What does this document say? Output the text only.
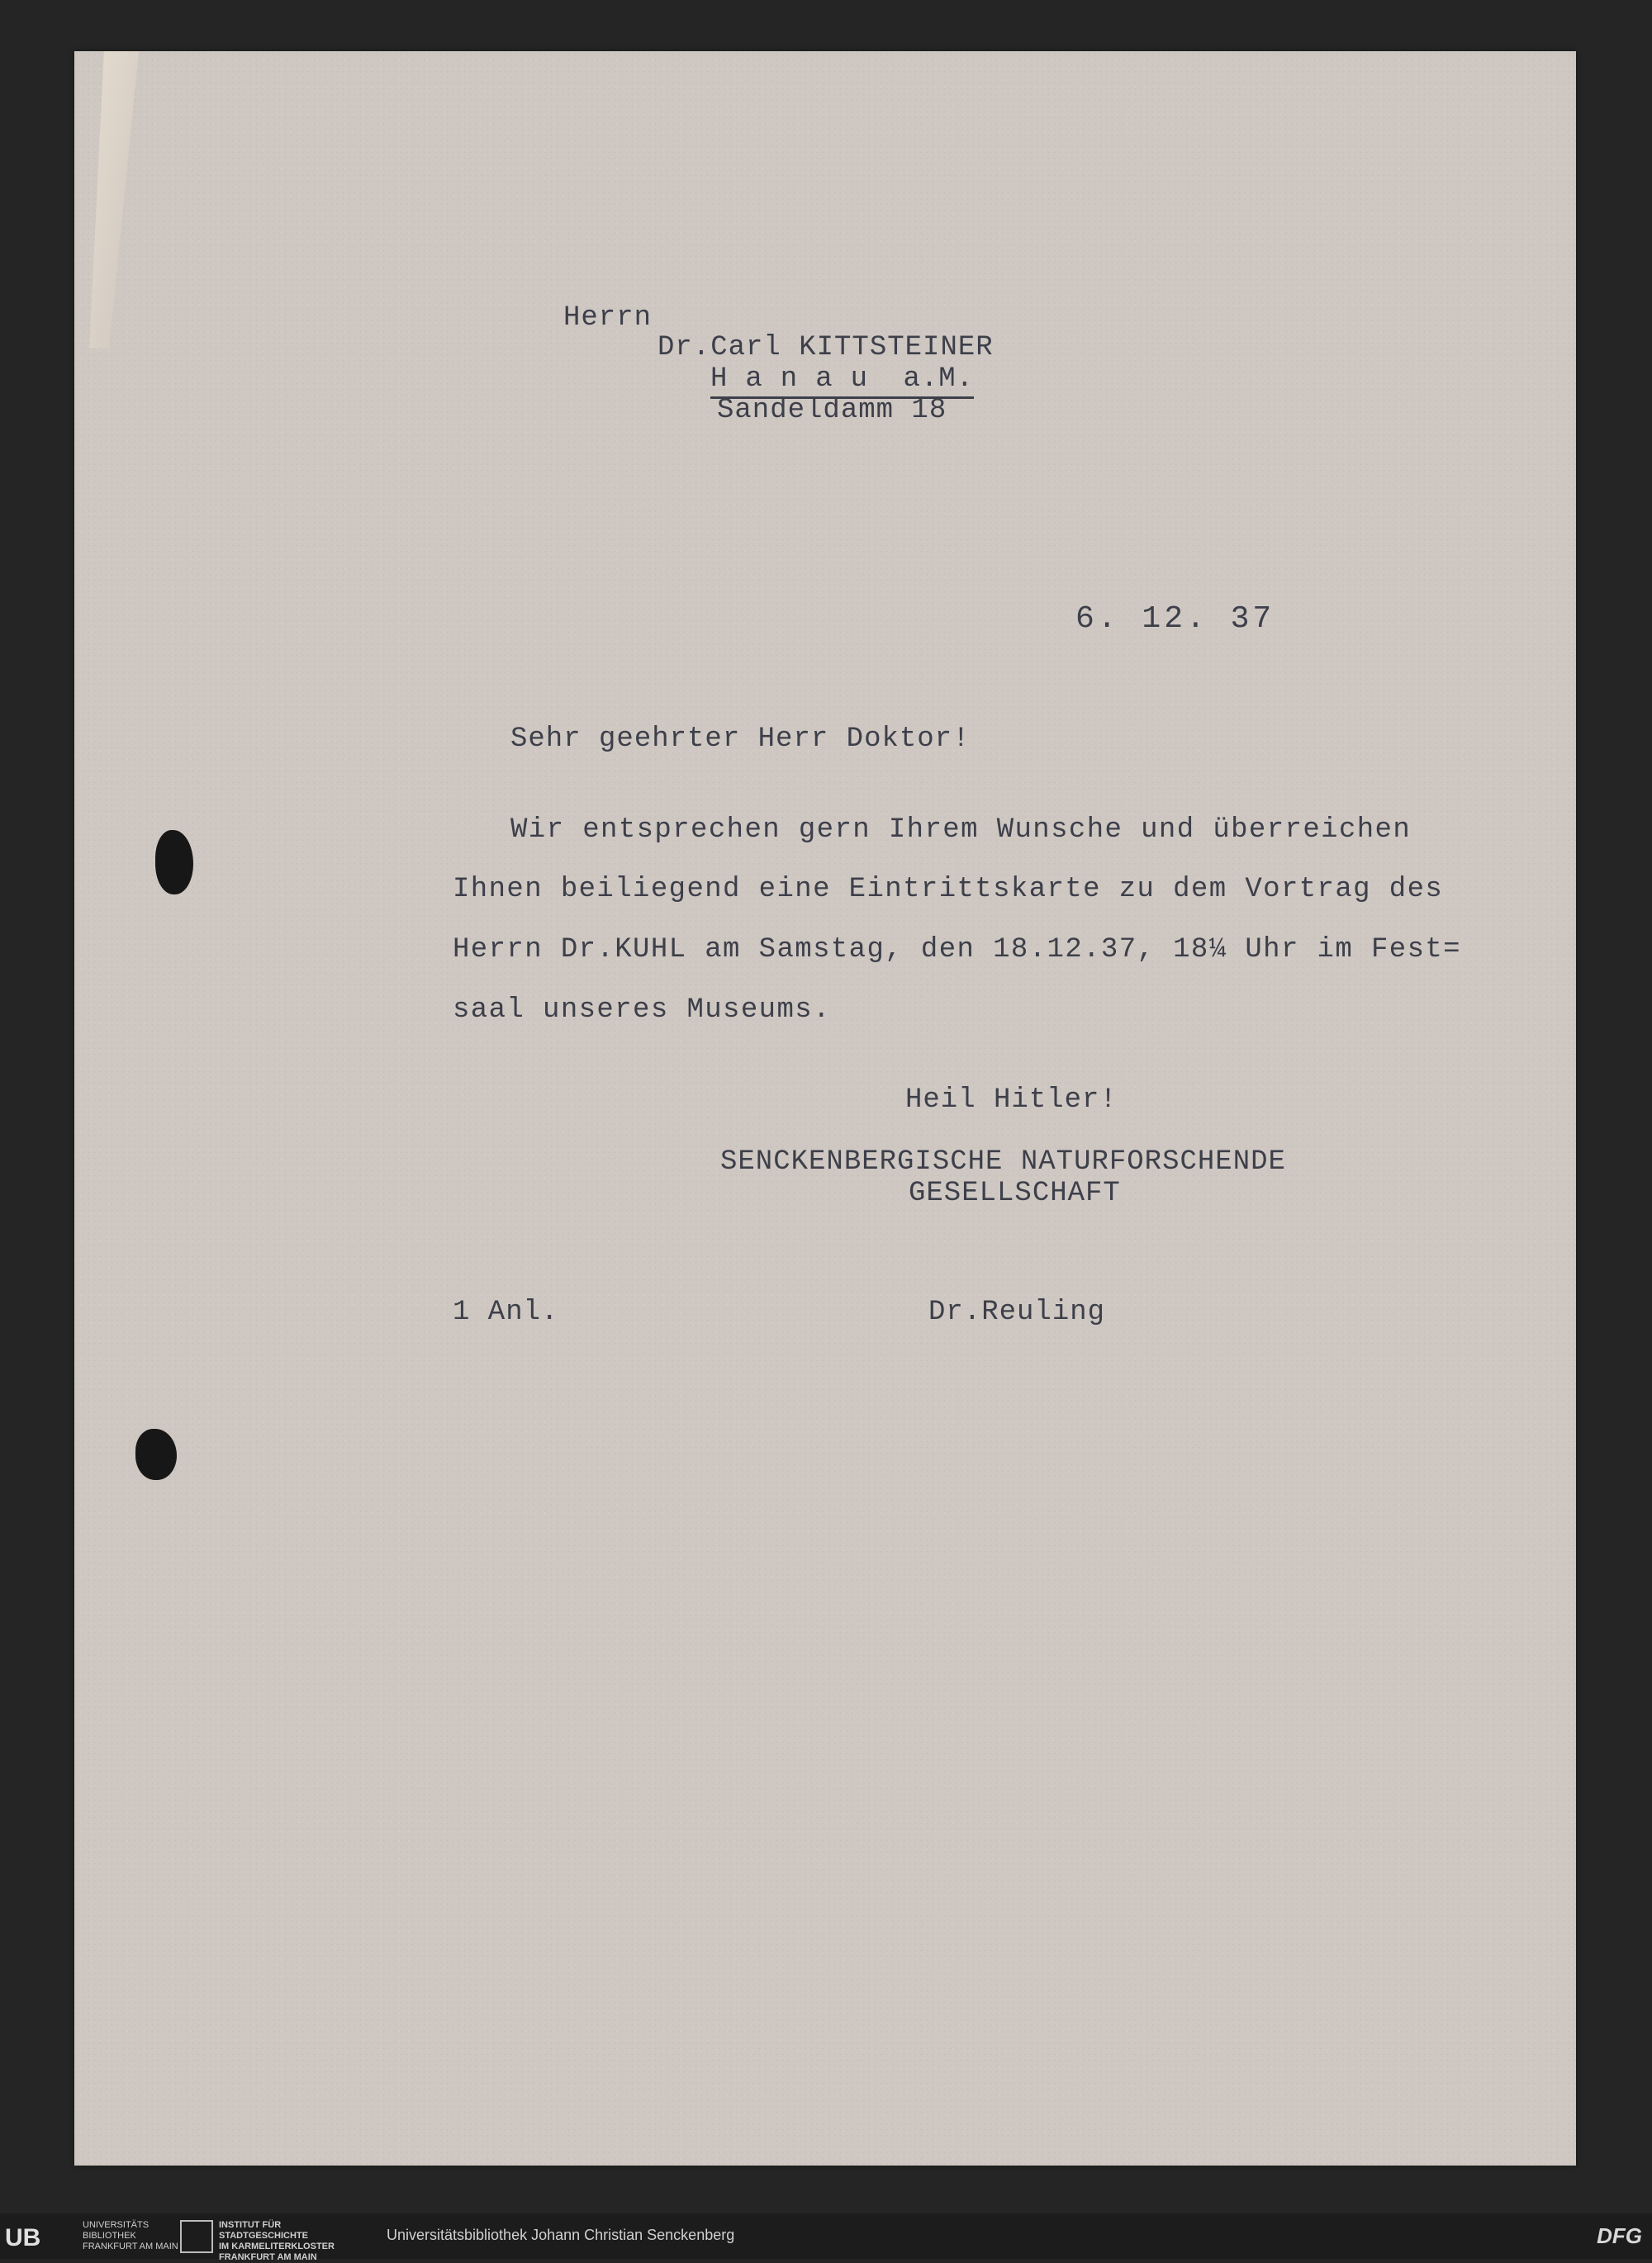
Herrn
Dr.Carl KITTSTEINER
Hanau a.M.
Sandeldamm 18
6. 12. 37
Sehr geehrter Herr Doktor!
Wir entsprechen gern Ihrem Wunsche und überreichen
Ihnen beiliegend eine Eintrittskarte zu dem Vortrag des
Herrn Dr.KUHL am Samstag, den 18.12.37, 18¼ Uhr im Fest=
saal unseres Museums.
Heil Hitler!
SENCKENBERGISCHE NATURFORSCHENDE
GESELLSCHAFT
1 Anl.	Dr.Reuling
UB	UNIVERSITÄTS
BIBLIOTHEK
FRANKFURT AM MAIN
INSTITUT FÜR
STADTGESCHICHTE
IM KARMELITERKLOSTER
FRANKFURT AM MAIN
Universitätsbibliothek Johann Christian Senckenberg	DFG
